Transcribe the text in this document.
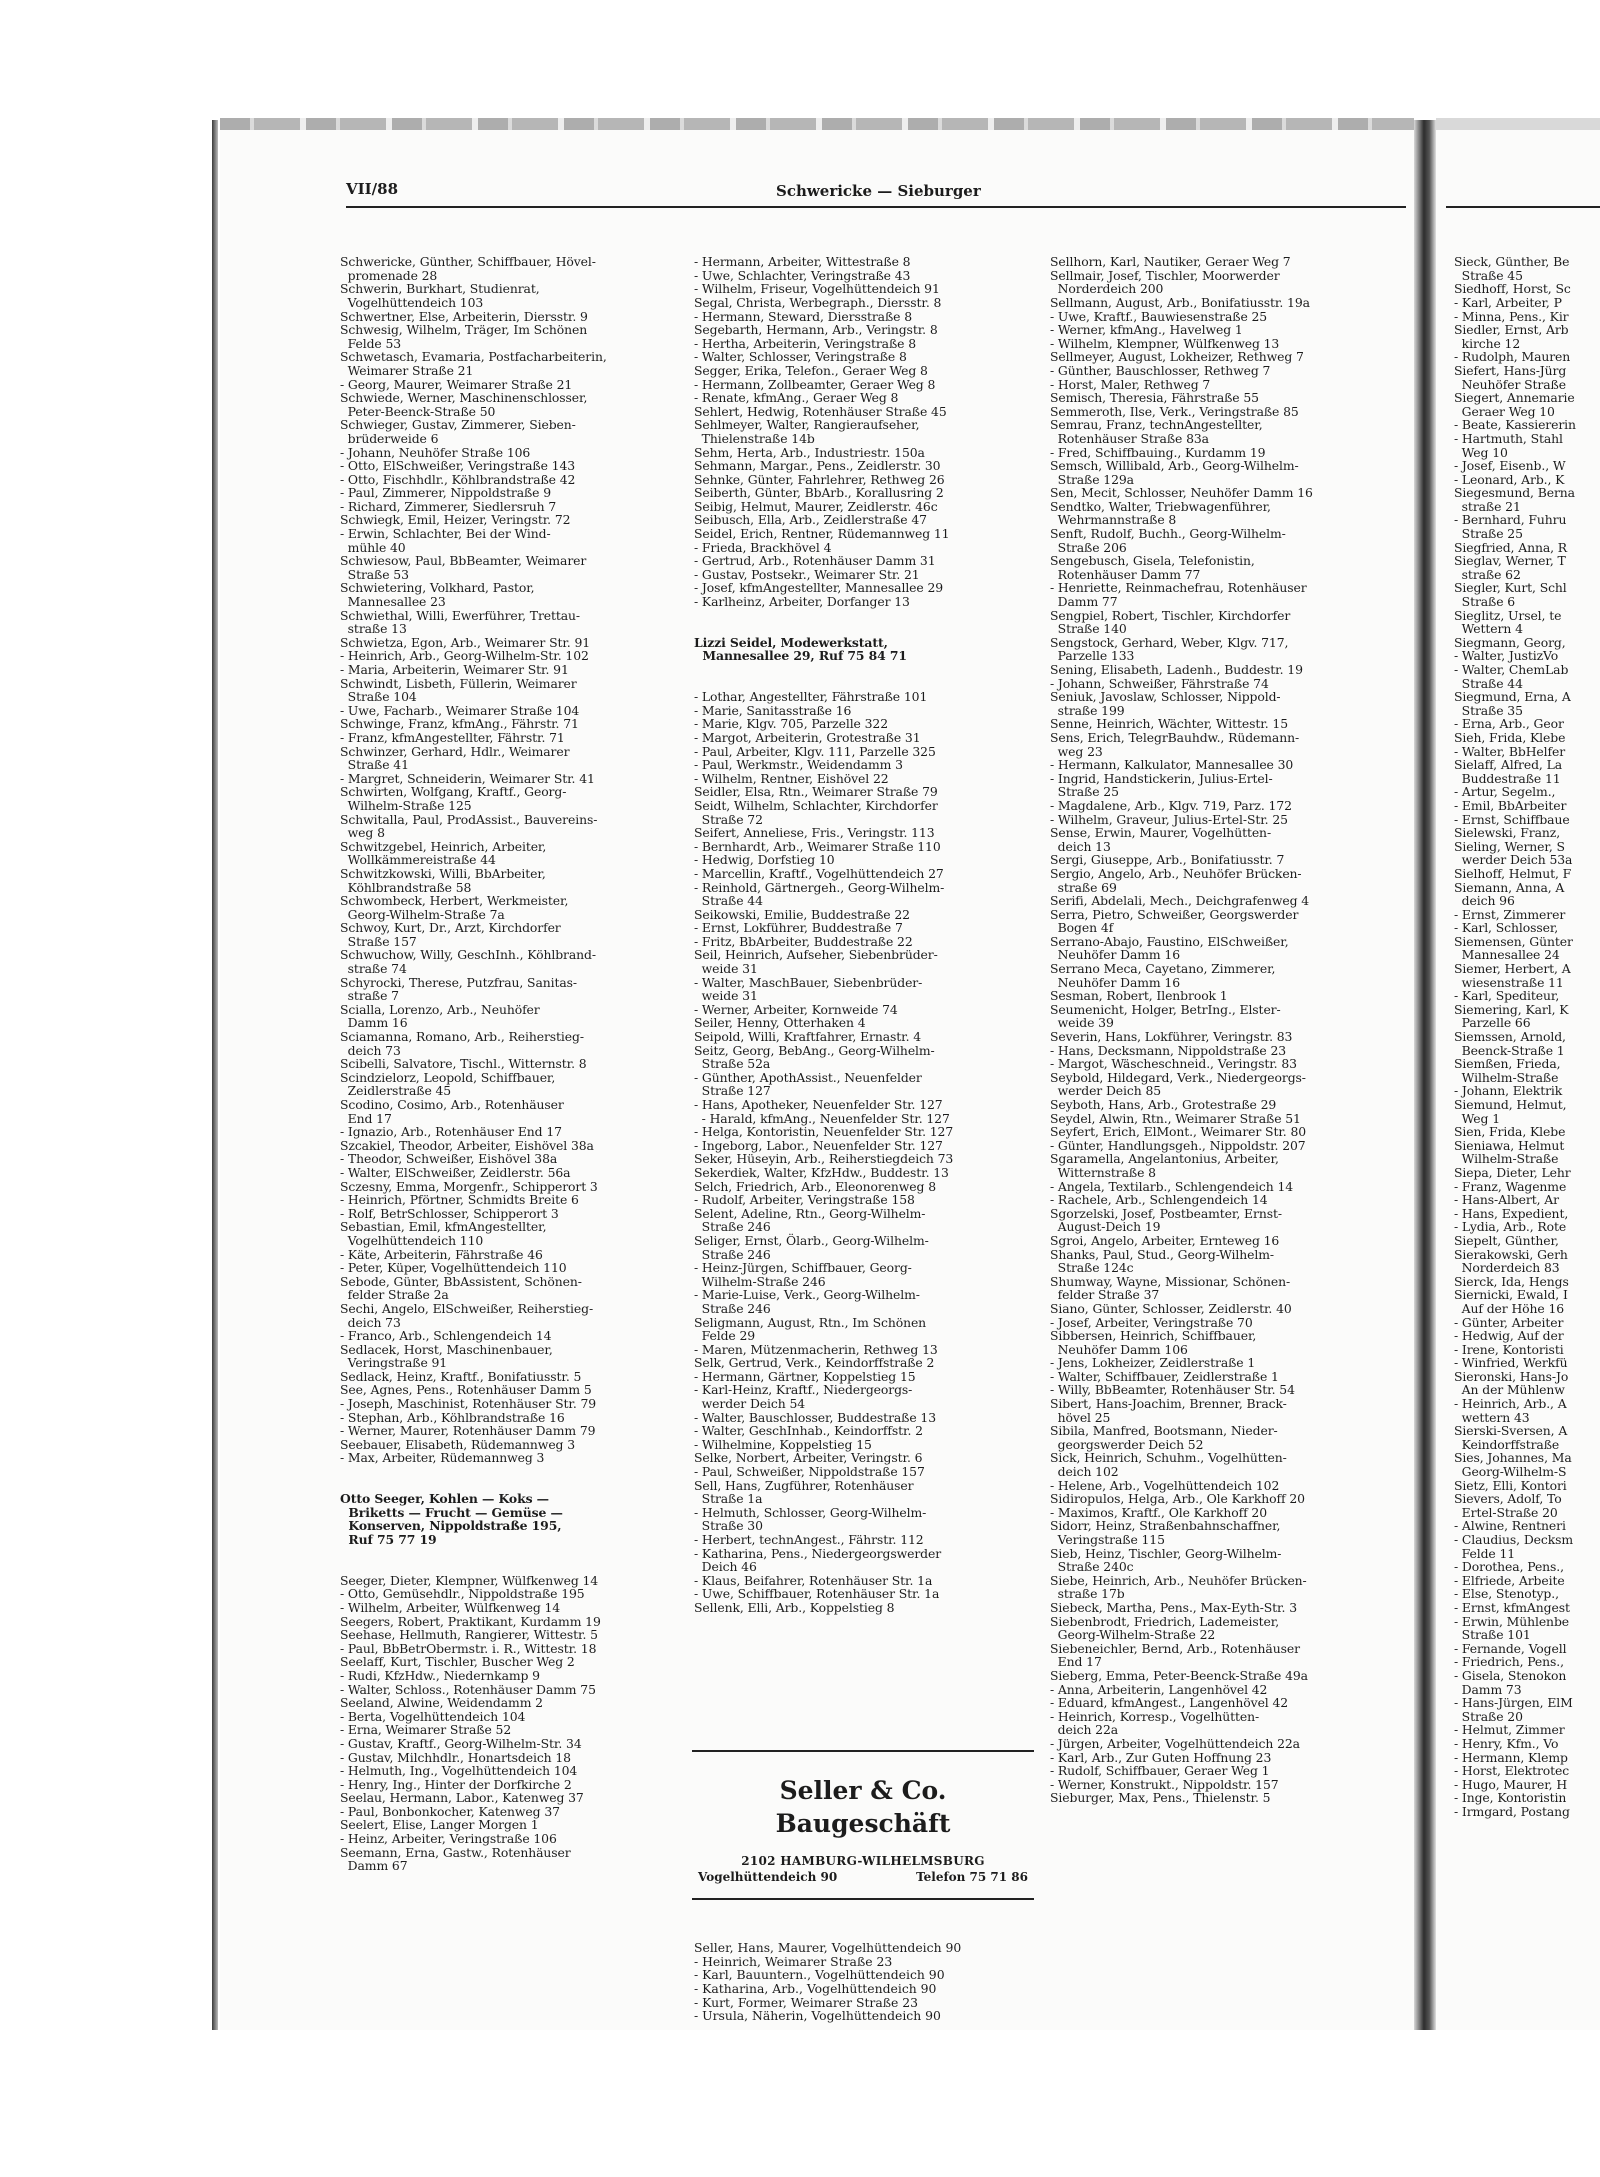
VII/88	Schwericke — Sieburger

Schwericke, Günther, Schiffbauer, Hövel-
promenade 28
Schwerin, Burkhart, Studienrat,
Vogelhüttendeich 103
Schwertner, Else, Arbeiterin, Diersstr. 9
Schwesig, Wilhelm, Träger, Im Schönen
Felde 53
Schwetasch, Evamaria, Postfacharbeiterin,
Weimarer Straße 21
- Georg, Maurer, Weimarer Straße 21
Schwiede, Werner, Maschinenschlosser,
Peter-Beenck-Straße 50
Schwieger, Gustav, Zimmerer, Sieben-
brüderweide 6
- Johann, Neuhöfer Straße 106
- Otto, ElSchweißer, Veringstraße 143
- Otto, Fischhdlr., Köhlbrandstraße 42
- Paul, Zimmerer, Nippoldstraße 9
- Richard, Zimmerer, Siedlersruh 7
Schwiegk, Emil, Heizer, Veringstr. 72
- Erwin, Schlachter, Bei der Wind-
mühle 40
Schwiesow, Paul, BbBeamter, Weimarer
Straße 53
Schwietering, Volkhard, Pastor,
Mannesallee 23
Schwiethal, Willi, Ewerführer, Trettau-
straße 13
Schwietza, Egon, Arb., Weimarer Str. 91
- Heinrich, Arb., Georg-Wilhelm-Str. 102
- Maria, Arbeiterin, Weimarer Str. 91
Schwindt, Lisbeth, Füllerin, Weimarer
Straße 104
- Uwe, Facharb., Weimarer Straße 104
Schwinge, Franz, kfmAng., Fährstr. 71
- Franz, kfmAngestellter, Fährstr. 71
Schwinzer, Gerhard, Hdlr., Weimarer
Straße 41
- Margret, Schneiderin, Weimarer Str. 41
Schwirten, Wolfgang, Kraftf., Georg-
Wilhelm-Straße 125
Schwitalla, Paul, ProdAssist., Bauvereins-
weg 8
Schwitzgebel, Heinrich, Arbeiter,
Wollkämmereistraße 44
Schwitzkowski, Willi, BbArbeiter,
Köhlbrandstraße 58
Schwombeck, Herbert, Werkmeister,
Georg-Wilhelm-Straße 7a
Schwoy, Kurt, Dr., Arzt, Kirchdorfer
Straße 157
Schwuchow, Willy, GeschInh., Köhlbrand-
straße 74
Schyrocki, Therese, Putzfrau, Sanitas-
straße 7
Scialla, Lorenzo, Arb., Neuhöfer
Damm 16
Sciamanna, Romano, Arb., Reiherstieg-
deich 73
Scibelli, Salvatore, Tischl., Witternstr. 8
Scindzielorz, Leopold, Schiffbauer,
Zeidlerstraße 45
Scodino, Cosimo, Arb., Rotenhäuser
End 17
- Ignazio, Arb., Rotenhäuser End 17
Szcakiel, Theodor, Arbeiter, Eishövel 38a
- Theodor, Schweißer, Eishövel 38a
- Walter, ElSchweißer, Zeidlerstr. 56a
Sczesny, Emma, Morgenfr., Schipperort 3
- Heinrich, Pförtner, Schmidts Breite 6
- Rolf, BetrSchlosser, Schipperort 3
Sebastian, Emil, kfmAngestellter,
Vogelhüttendeich 110
- Käte, Arbeiterin, Fährstraße 46
- Peter, Küper, Vogelhüttendeich 110
Sebode, Günter, BbAssistent, Schönen-
felder Straße 2a
Sechi, Angelo, ElSchweißer, Reiherstieg-
deich 73
- Franco, Arb., Schlengendeich 14
Sedlacek, Horst, Maschinenbauer,
Veringstraße 91
Sedlack, Heinz, Kraftf., Bonifatiusstr. 5
See, Agnes, Pens., Rotenhäuser Damm 5
- Joseph, Maschinist, Rotenhäuser Str. 79
- Stephan, Arb., Köhlbrandstraße 16
- Werner, Maurer, Rotenhäuser Damm 79
Seebauer, Elisabeth, Rüdemannweg 3
- Max, Arbeiter, Rüdemannweg 3

Otto Seeger, Kohlen — Koks —
Briketts — Frucht — Gemüse —
Konserven, Nippoldstraße 195,
Ruf 75 77 19

Seeger, Dieter, Klempner, Wülfkenweg 14
- Otto, Gemüsehdlr., Nippoldstraße 195
- Wilhelm, Arbeiter, Wülfkenweg 14
Seegers, Robert, Praktikant, Kurdamm 19
Seehase, Hellmuth, Rangierer, Wittestr. 5
- Paul, BbBetrObermstr. i. R., Wittestr. 18
Seelaff, Kurt, Tischler, Buscher Weg 2
- Rudi, KfzHdw., Niedernkamp 9
- Walter, Schloss., Rotenhäuser Damm 75
Seeland, Alwine, Weidendamm 2
- Berta, Vogelhüttendeich 104
- Erna, Weimarer Straße 52
- Gustav, Kraftf., Georg-Wilhelm-Str. 34
- Gustav, Milchhdlr., Honartsdeich 18
- Helmuth, Ing., Vogelhüttendeich 104
- Henry, Ing., Hinter der Dorfkirche 2
Seelau, Hermann, Labor., Katenweg 37
- Paul, Bonbonkocher, Katenweg 37
Seelert, Elise, Langer Morgen 1
- Heinz, Arbeiter, Veringstraße 106
Seemann, Erna, Gastw., Rotenhäuser
Damm 67

- Hermann, Arbeiter, Wittestraße 8
- Uwe, Schlachter, Veringstraße 43
- Wilhelm, Friseur, Vogelhüttendeich 91
Segal, Christa, Werbegraph., Diersstr. 8
- Hermann, Steward, Diersstraße 8
Segebarth, Hermann, Arb., Veringstr. 8
- Hertha, Arbeiterin, Veringstraße 8
- Walter, Schlosser, Veringstraße 8
Segger, Erika, Telefon., Geraer Weg 8
- Hermann, Zollbeamter, Geraer Weg 8
- Renate, kfmAng., Geraer Weg 8
Sehlert, Hedwig, Rotenhäuser Straße 45
Sehlmeyer, Walter, Rangieraufseher,
Thielenstraße 14b
Sehm, Herta, Arb., Industriestr. 150a
Sehmann, Margar., Pens., Zeidlerstr. 30
Sehnke, Günter, Fahrlehrer, Rethweg 26
Seiberth, Günter, BbArb., Korallusring 2
Seibig, Helmut, Maurer, Zeidlerstr. 46c
Seibusch, Ella, Arb., Zeidlerstraße 47
Seidel, Erich, Rentner, Rüdemannweg 11
- Frieda, Brackhövel 4
- Gertrud, Arb., Rotenhäuser Damm 31
- Gustav, Postsekr., Weimarer Str. 21
- Josef, kfmAngestellter, Mannesallee 29
- Karlheinz, Arbeiter, Dorfanger 13

Lizzi Seidel, Modewerkstatt,
Mannesallee 29, Ruf 75 84 71

- Lothar, Angestellter, Fährstraße 101
- Marie, Sanitasstraße 16
- Marie, Klgv. 705, Parzelle 322
- Margot, Arbeiterin, Grotestraße 31
- Paul, Arbeiter, Klgv. 111, Parzelle 325
- Paul, Werkmstr., Weidendamm 3
- Wilhelm, Rentner, Eishövel 22
Seidler, Elsa, Rtn., Weimarer Straße 79
Seidt, Wilhelm, Schlachter, Kirchdorfer
Straße 72
Seifert, Anneliese, Fris., Veringstr. 113
- Bernhardt, Arb., Weimarer Straße 110
- Hedwig, Dorfstieg 10
- Marcellin, Kraftf., Vogelhüttendeich 27
- Reinhold, Gärtnergeh., Georg-Wilhelm-
Straße 44
Seikowski, Emilie, Buddestraße 22
- Ernst, Lokführer, Buddestraße 7
- Fritz, BbArbeiter, Buddestraße 22
Seil, Heinrich, Aufseher, Siebenbrüder-
weide 31
- Walter, MaschBauer, Siebenbrüder-
weide 31
- Werner, Arbeiter, Kornweide 74
Seiler, Henny, Otterhaken 4
Seipold, Willi, Kraftfahrer, Ernastr. 4
Seitz, Georg, BebAng., Georg-Wilhelm-
Straße 52a
- Günther, ApothAssist., Neuenfelder
Straße 127
- Hans, Apotheker, Neuenfelder Str. 127
- Harald, kfmAng., Neuenfelder Str. 127
- Helga, Kontoristin, Neuenfelder Str. 127
- Ingeborg, Labor., Neuenfelder Str. 127
Seker, Hüseyin, Arb., Reiherstiegdeich 73
Sekerdiek, Walter, KfzHdw., Buddestr. 13
Selch, Friedrich, Arb., Eleonorenweg 8
- Rudolf, Arbeiter, Veringstraße 158
Selent, Adeline, Rtn., Georg-Wilhelm-
Straße 246
Seliger, Ernst, Ölarb., Georg-Wilhelm-
Straße 246
- Heinz-Jürgen, Schiffbauer, Georg-
Wilhelm-Straße 246
- Marie-Luise, Verk., Georg-Wilhelm-
Straße 246
Seligmann, August, Rtn., Im Schönen
Felde 29
- Maren, Mützenmacherin, Rethweg 13
Selk, Gertrud, Verk., Keindorffstraße 2
- Hermann, Gärtner, Koppelstieg 15
- Karl-Heinz, Kraftf., Niedergeorgs-
werder Deich 54
- Walter, Bauschlosser, Buddestraße 13
- Walter, GeschInhab., Keindorffstr. 2
- Wilhelmine, Koppelstieg 15
Selke, Norbert, Arbeiter, Veringstr. 6
- Paul, Schweißer, Nippoldstraße 157
Sell, Hans, Zugführer, Rotenhäuser
Straße 1a
- Helmuth, Schlosser, Georg-Wilhelm-
Straße 30
- Herbert, technAngest., Fährstr. 112
- Katharina, Pens., Niedergeorgswerder
Deich 46
- Klaus, Beifahrer, Rotenhäuser Str. 1a
- Uwe, Schiffbauer, Rotenhäuser Str. 1a
Sellenk, Elli, Arb., Koppelstieg 8

Seller & Co.
Baugeschäft
2102 HAMBURG-WILHELMSBURG
Vogelhüttendeich 90	Telefon 75 71 86

Seller, Hans, Maurer, Vogelhüttendeich 90
- Heinrich, Weimarer Straße 23
- Karl, Bauuntern., Vogelhüttendeich 90
- Katharina, Arb., Vogelhüttendeich 90
- Kurt, Former, Weimarer Straße 23
- Ursula, Näherin, Vogelhüttendeich 90

Sellhorn, Karl, Nautiker, Geraer Weg 7
Sellmair, Josef, Tischler, Moorwerder
Norderdeich 200
Sellmann, August, Arb., Bonifatiusstr. 19a
- Uwe, Kraftf., Bauwiesenstraße 25
- Werner, kfmAng., Havelweg 1
- Wilhelm, Klempner, Wülfkenweg 13
Sellmeyer, August, Lokheizer, Rethweg 7
- Günther, Bauschlosser, Rethweg 7
- Horst, Maler, Rethweg 7
Semisch, Theresia, Fährstraße 55
Semmeroth, Ilse, Verk., Veringstraße 85
Semrau, Franz, technAngestellter,
Rotenhäuser Straße 83a
- Fred, Schiffbauing., Kurdamm 19
Semsch, Willibald, Arb., Georg-Wilhelm-
Straße 129a
Sen, Mecit, Schlosser, Neuhöfer Damm 16
Sendtko, Walter, Triebwagenführer,
Wehrmannstraße 8
Senft, Rudolf, Buchh., Georg-Wilhelm-
Straße 206
Sengebusch, Gisela, Telefonistin,
Rotenhäuser Damm 77
- Henriette, Reinmachefrau, Rotenhäuser
Damm 77
Sengpiel, Robert, Tischler, Kirchdorfer
Straße 140
Sengstock, Gerhard, Weber, Klgv. 717,
Parzelle 133
Sening, Elisabeth, Ladenh., Buddestr. 19
- Johann, Schweißer, Fährstraße 74
Seniuk, Javoslaw, Schlosser, Nippold-
straße 199
Senne, Heinrich, Wächter, Wittestr. 15
Sens, Erich, TelegrBauhdw., Rüdemann-
weg 23
- Hermann, Kalkulator, Mannesallee 30
- Ingrid, Handstickerin, Julius-Ertel-
Straße 25
- Magdalene, Arb., Klgv. 719, Parz. 172
- Wilhelm, Graveur, Julius-Ertel-Str. 25
Sense, Erwin, Maurer, Vogelhütten-
deich 13
Sergi, Giuseppe, Arb., Bonifatiusstr. 7
Sergio, Angelo, Arb., Neuhöfer Brücken-
straße 69
Serifi, Abdelali, Mech., Deichgrafenweg 4
Serra, Pietro, Schweißer, Georgswerder
Bogen 4f
Serrano-Abajo, Faustino, ElSchweißer,
Neuhöfer Damm 16
Serrano Meca, Cayetano, Zimmerer,
Neuhöfer Damm 16
Sesman, Robert, Ilenbrook 1
Seumenicht, Holger, BetrIng., Elster-
weide 39
Severin, Hans, Lokführer, Veringstr. 83
- Hans, Decksmann, Nippoldstraße 23
- Margot, Wäscheschneid., Veringstr. 83
Seybold, Hildegard, Verk., Niedergeorgs-
werder Deich 85
Seyboth, Hans, Arb., Grotestraße 29
Seydel, Alwin, Rtn., Weimarer Straße 51
Seyfert, Erich, ElMont., Weimarer Str. 80
- Günter, Handlungsgeh., Nippoldstr. 207
Sgaramella, Angelantonius, Arbeiter,
Witternstraße 8
- Angela, Textilarb., Schlengendeich 14
- Rachele, Arb., Schlengendeich 14
Sgorzelski, Josef, Postbeamter, Ernst-
August-Deich 19
Sgroi, Angelo, Arbeiter, Ernteweg 16
Shanks, Paul, Stud., Georg-Wilhelm-
Straße 124c
Shumway, Wayne, Missionar, Schönen-
felder Straße 37
Siano, Günter, Schlosser, Zeidlerstr. 40
- Josef, Arbeiter, Veringstraße 70
Sibbersen, Heinrich, Schiffbauer,
Neuhöfer Damm 106
- Jens, Lokheizer, Zeidlerstraße 1
- Walter, Schiffbauer, Zeidlerstraße 1
- Willy, BbBeamter, Rotenhäuser Str. 54
Sibert, Hans-Joachim, Brenner, Brack-
hövel 25
Sibila, Manfred, Bootsmann, Nieder-
georgswerder Deich 52
Sick, Heinrich, Schuhm., Vogelhütten-
deich 102
- Helene, Arb., Vogelhüttendeich 102
Sidiropulos, Helga, Arb., Ole Karkhoff 20
- Maximos, Kraftf., Ole Karkhoff 20
Sidorr, Heinz, Straßenbahnschaffner,
Veringstraße 115
Sieb, Heinz, Tischler, Georg-Wilhelm-
Straße 240c
Siebe, Heinrich, Arb., Neuhöfer Brücken-
straße 17b
Siebeck, Martha, Pens., Max-Eyth-Str. 3
Siebenbrodt, Friedrich, Lademeister,
Georg-Wilhelm-Straße 22
Siebeneichler, Bernd, Arb., Rotenhäuser
End 17
Sieberg, Emma, Peter-Beenck-Straße 49a
- Anna, Arbeiterin, Langenhövel 42
- Eduard, kfmAngest., Langenhövel 42
- Heinrich, Korresp., Vogelhütten-
deich 22a
- Jürgen, Arbeiter, Vogelhüttendeich 22a
- Karl, Arb., Zur Guten Hoffnung 23
- Rudolf, Schiffbauer, Geraer Weg 1
- Werner, Konstrukt., Nippoldstr. 157
Sieburger, Max, Pens., Thielenstr. 5

Sieck, Günther, Be
Straße 45
Siedhoff, Horst, Sc
- Karl, Arbeiter, P
- Minna, Pens., Kir
Siedler, Ernst, Arb
kirche 12
- Rudolph, Mauren
Siefert, Hans-Jürg
Neuhöfer Straße
Siegert, Annemarie
Geraer Weg 10
- Beate, Kassiererin
- Hartmuth, Stahl
Weg 10
- Josef, Eisenb., W
- Leonard, Arb., K
Siegesmund, Berna
straße 21
- Bernhard, Fuhru
Straße 25
Siegfried, Anna, R
Sieglav, Werner, T
straße 62
Siegler, Kurt, Schl
Straße 6
Sieglitz, Ursel, te
Wettern 4
Siegmann, Georg,
- Walter, JustizVo
- Walter, ChemLab
Straße 44
Siegmund, Erna, A
Straße 35
- Erna, Arb., Geor
Sieh, Frida, Klebe
- Walter, BbHelfer
Sielaff, Alfred, La
Buddestraße 11
- Artur, Segelm.,
- Emil, BbArbeiter
- Ernst, Schiffbaue
Sielewski, Franz,
Sieling, Werner, S
werder Deich 53a
Sielhoff, Helmut, F
Siemann, Anna, A
deich 96
- Ernst, Zimmerer
- Karl, Schlosser,
Siemensen, Günter
Mannesallee 24
Siemer, Herbert, A
wiesenstraße 11
- Karl, Spediteur,
Siemering, Karl, K
Parzelle 66
Siemssen, Arnold,
Beenck-Straße 1
Siemßen, Frieda,
Wilhelm-Straße
- Johann, Elektrik
Siemund, Helmut,
Weg 1
Sien, Frida, Klebe
Sieniawa, Helmut
Wilhelm-Straße
Siepa, Dieter, Lehr
- Franz, Wagenme
- Hans-Albert, Ar
- Hans, Expedient,
- Lydia, Arb., Rote
Siepelt, Günther,
Sierakowski, Gerh
Norderdeich 83
Sierck, Ida, Hengs
Siernicki, Ewald, I
Auf der Höhe 16
- Günter, Arbeiter
- Hedwig, Auf der
- Irene, Kontoristi
- Winfried, Werkfü
Sieronski, Hans-Jo
An der Mühlenw
- Heinrich, Arb., A
wettern 43
Sierski-Sversen, A
Keindorffstraße
Sies, Johannes, Ma
Georg-Wilhelm-S
Sietz, Elli, Kontori
Sievers, Adolf, To
Ertel-Straße 20
- Alwine, Rentneri
- Claudius, Decksm
Felde 11
- Dorothea, Pens.,
- Elfriede, Arbeite
- Else, Stenotyp.,
- Ernst, kfmAngest
- Erwin, Mühlenbe
Straße 101
- Fernande, Vogell
- Friedrich, Pens.,
- Gisela, Stenokon
Damm 73
- Hans-Jürgen, ElM
Straße 20
- Helmut, Zimmer
- Henry, Kfm., Vo
- Hermann, Klemp
- Horst, Elektrotec
- Hugo, Maurer, H
- Inge, Kontoristin
- Irmgard, Postang
